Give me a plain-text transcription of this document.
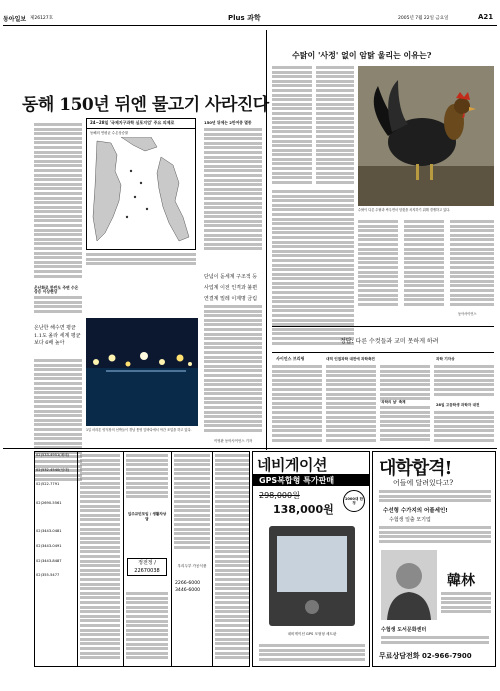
동아일보 제26127호	Plus 과학	2005년 7월 22일 금요일	A21
동해 150년 뒤엔 물고기 사라진다
온난화로 한반도 주변 수온 상승 이상현상
온난한 해수면 평균 1.1도 올라 세계 평균보다 6배 높아
24~28일 '국제지구과학 심포지엄' 주요 의제로
동해의 연평균 수온상승률
150년 뒤에는 2만여종 멸종
단념이 돋세계 구조적 등
사업계 이전 인격과 불편
연결계 밀레 이계명 금림
1일 마라톤 양식장의 선박들이 경남 통영 앞바다에서 야간 조업을 하고 있다.
이영완 동아사이언스 기자
수탉이 '사정' 없이 암탉 울리는 이유는?
수탉이 다른 수탉과 싸우면서 암컷을 차지하기 위해 경쟁하고 있다.
동아사이언스
정답: 다른 수컷들과 교미 못하게 하려
사이언스 브리핑	대덕 인접과학 대전에 과학축전
'과학의 날' 축제
과학 기자상
28일 고등학생 과학자 대전
02)533-4951(매매)
02)532-4540(임대)
02)522-7791
02)2690-5561
02)3443-0481
02)3443-0491
02)3443-8487
02)355-5477
입주교민모임 / 생활자상담
정전정 / 22670038
우리두부 가공식품
2266-6000
3446-6000
네비게이션
GPS복합형 특가판매
298,000원
138,000원
1000대 한정
네비게이션 GPS 모형형 세트판
대학합격!
어들에 달려있다고?
수선형 수가지의 어플세인!
수험생 일출 모기업
韓林
수험생 도서문화센터
무료상담전화 02-966-7900
